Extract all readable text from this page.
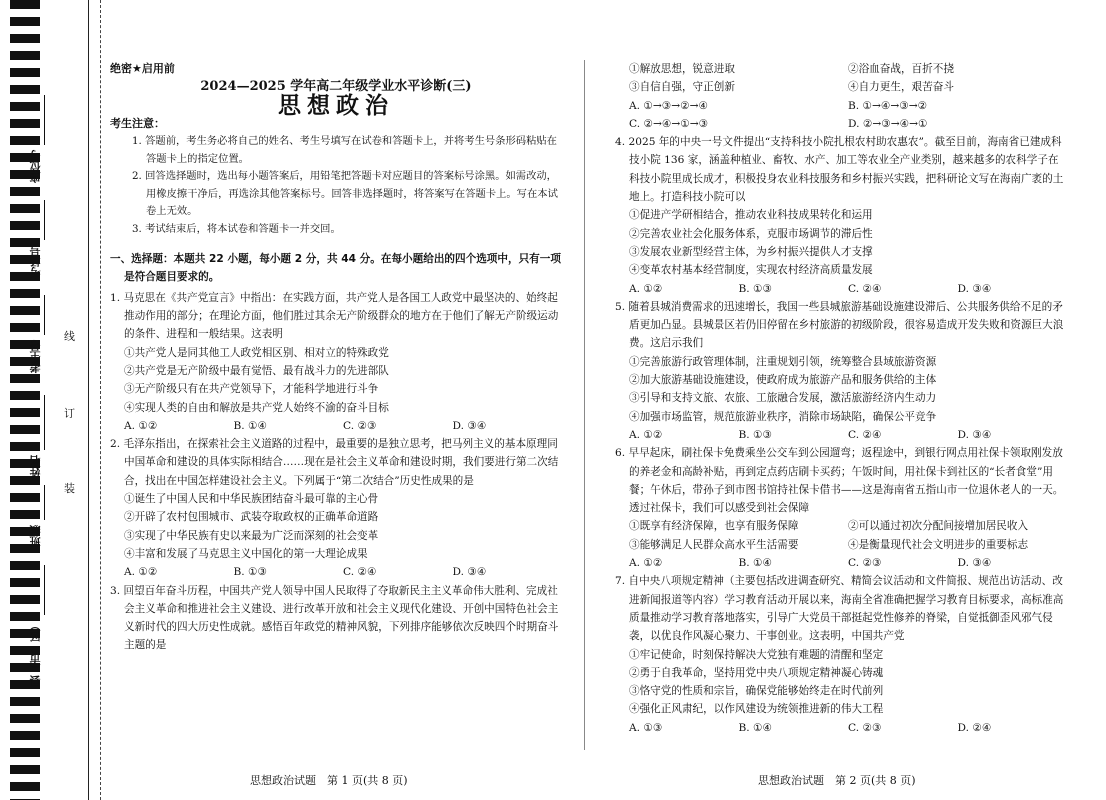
座位号
考场号
考生号
姓名
班级
县（市、区）
线
订
装

绝密★启用前

2024—2025 学年高二年级学业水平诊断(三)

思想政治

考生注意：

1. 答题前，考生务必将自己的姓名、考生号填写在试卷和答题卡上，并将考生号条形码粘贴在答题卡上的指定位置。

2. 回答选择题时，选出每小题答案后，用铅笔把答题卡对应题目的答案标号涂黑。如需改动，用橡皮擦干净后，再选涂其他答案标号。回答非选择题时，将答案写在答题卡上。写在本试卷上无效。

3. 考试结束后，将本试卷和答题卡一并交回。

一、选择题：本题共 22 小题，每小题 2 分，共 44 分。在每小题给出的四个选项中，只有一项是符合题目要求的。

1. 马克思在《共产党宣言》中指出：在实践方面，共产党人是各国工人政党中最坚决的、始终起推动作用的部分；在理论方面，他们胜过其余无产阶级群众的地方在于他们了解无产阶级运动的条件、进程和一般结果。这表明

①共产党人是同其他工人政党相区别、相对立的特殊政党

②共产党是无产阶级中最有觉悟、最有战斗力的先进部队

③无产阶级只有在共产党领导下，才能科学地进行斗争

④实现人类的自由和解放是共产党人始终不渝的奋斗目标

A. ①②	B. ①④	C. ②③	D. ③④

2. 毛泽东指出，在探索社会主义道路的过程中，最重要的是独立思考，把马列主义的基本原理同中国革命和建设的具体实际相结合……现在是社会主义革命和建设时期，我们要进行第二次结合，找出在中国怎样建设社会主义。下列属于“第二次结合”历史性成果的是

①诞生了中国人民和中华民族团结奋斗最可靠的主心骨

②开辟了农村包围城市、武装夺取政权的正确革命道路

③实现了中华民族有史以来最为广泛而深刻的社会变革

④丰富和发展了马克思主义中国化的第一大理论成果

A. ①②	B. ①③	C. ②④	D. ③④

3. 回望百年奋斗历程，中国共产党人领导中国人民取得了夺取新民主主义革命伟大胜利、完成社会主义革命和推进社会主义建设、进行改革开放和社会主义现代化建设、开创中国特色社会主义新时代的四大历史性成就。感悟百年政党的精神风貌，下列排序能够依次反映四个时期奋斗主题的是

①解放思想，锐意进取	②浴血奋战，百折不挠
③自信自强，守正创新	④自力更生，艰苦奋斗
A. ①→③→②→④	B. ①→④→③→②
C. ②→④→①→③	D. ②→③→④→①

4. 2025 年的中央一号文件提出“支持科技小院扎根农村助农惠农”。截至目前，海南省已建成科技小院 136 家，涵盖种植业、畜牧、水产、加工等农业全产业类别，越来越多的农科学子在科技小院里成长成才，积极投身农业科技服务和乡村振兴实践，把科研论文写在海南广袤的土地上。打造科技小院可以

①促进产学研相结合，推动农业科技成果转化和运用

②完善农业社会化服务体系，克服市场调节的滞后性

③发展农业新型经营主体，为乡村振兴提供人才支撑

④变革农村基本经营制度，实现农村经济高质量发展

A. ①②	B. ①③	C. ②④	D. ③④

5. 随着县城消费需求的迅速增长，我国一些县城旅游基础设施建设滞后、公共服务供给不足的矛盾更加凸显。县城景区若仍旧停留在乡村旅游的初级阶段，很容易造成开发失败和资源巨大浪费。这启示我们

①完善旅游行政管理体制，注重规划引领，统筹整合县域旅游资源

②加大旅游基础设施建设，使政府成为旅游产品和服务供给的主体

③引导和支持文旅、农旅、工旅融合发展，激活旅游经济内生动力

④加强市场监管，规范旅游业秩序，消除市场缺陷，确保公平竞争

A. ①②	B. ①③	C. ②④	D. ③④

6. 早早起床，刷社保卡免费乘坐公交车到公园遛弯；返程途中，到银行网点用社保卡领取刚发放的养老金和高龄补贴，再到定点药店刷卡买药；午饭时间，用社保卡到社区的“长者食堂”用餐；午休后，带孙子到市图书馆持社保卡借书——这是海南省五指山市一位退休老人的一天。透过社保卡，我们可以感受到社会保障

①既享有经济保障，也享有服务保障	②可以通过初次分配间接增加居民收入
③能够满足人民群众高水平生活需要	④是衡量现代社会文明进步的重要标志
A. ①②	B. ①④	C. ②③	D. ③④

7. 自中央八项规定精神（主要包括改进调查研究、精简会议活动和文件简报、规范出访活动、改进新闻报道等内容）学习教育活动开展以来，海南全省准确把握学习教育目标要求，高标准高质量推动学习教育落地落实，引导广大党员干部挺起党性修养的脊梁，自觉抵御歪风邪气侵袭，以优良作风凝心聚力、干事创业。这表明，中国共产党

①牢记使命，时刻保持解决大党独有难题的清醒和坚定

②勇于自我革命，坚持用党中央八项规定精神凝心铸魂

③恪守党的性质和宗旨，确保党能够始终走在时代前列

④强化正风肃纪，以作风建设为统领推进新的伟大工程

A. ①③	B. ①④	C. ②③	D. ②④
思想政治试题　第 1 页(共 8 页)	思想政治试题　第 2 页(共 8 页)
